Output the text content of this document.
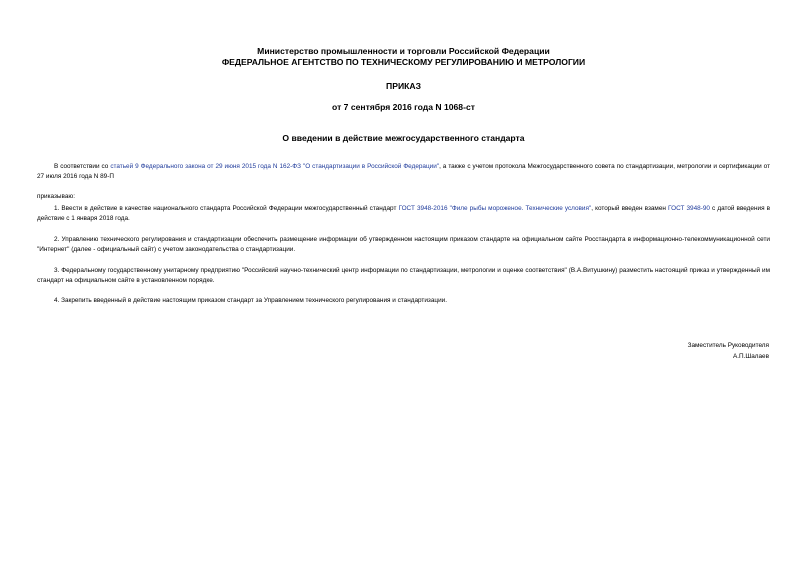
Министерство промышленности и торговли Российской Федерации
ФЕДЕРАЛЬНОЕ АГЕНТСТВО ПО ТЕХНИЧЕСКОМУ РЕГУЛИРОВАНИЮ И МЕТРОЛОГИИ
ПРИКАЗ
от 7 сентября 2016 года N 1068-ст
О введении в действие межгосударственного стандарта
В соответствии со статьей 9 Федерального закона от 29 июня 2015 года N 162-ФЗ "О стандартизации в Российской Федерации", а также с учетом протокола Межгосударственного совета по стандартизации, метрологии и сертификации от 27 июля 2016 года N 89-П
приказываю:
1. Ввести в действие в качестве национального стандарта Российской Федерации межгосударственный стандарт ГОСТ 3948-2016 "Филе рыбы мороженое. Технические условия", который введен взамен ГОСТ 3948-90 с датой введения в действие с 1 января 2018 года.
2. Управлению технического регулирования и стандартизации обеспечить размещение информации об утвержденном настоящим приказом стандарте на официальном сайте Росстандарта в информационно-телекоммуникационной сети "Интернет" (далее - официальный сайт) с учетом законодательства о стандартизации.
3. Федеральному государственному унитарному предприятию "Российский научно-технический центр информации по стандартизации, метрологии и оценке соответствия" (В.А.Витушкину) разместить настоящий приказ и утвержденный им стандарт на официальном сайте в установленном порядке.
4. Закрепить введенный в действие настоящим приказом стандарт за Управлением технического регулирования и стандартизации.
Заместитель Руководителя
А.П.Шалаев
